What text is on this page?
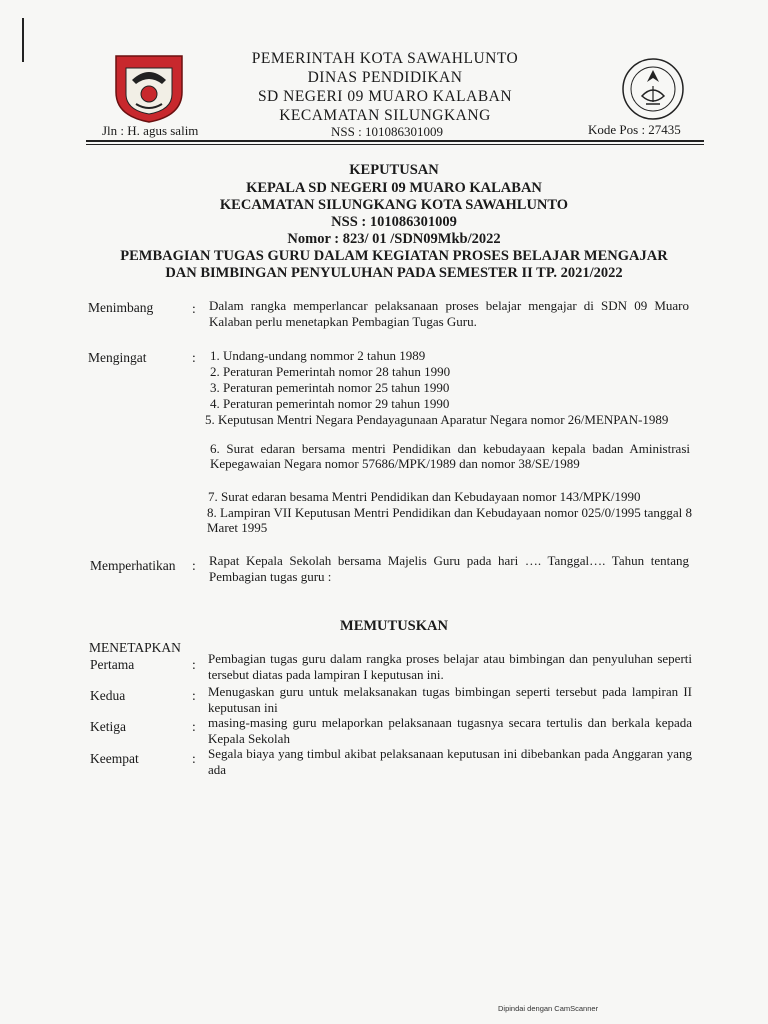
PEMERINTAH KOTA SAWAHLUNTO
DINAS PENDIDIKAN
SD NEGERI 09 MUARO KALABAN
KECAMATAN SILUNGKANG
Jln : H. agus salim	NSS : 101086301009	Kode Pos : 27435
KEPUTUSAN
KEPALA SD NEGERI 09 MUARO KALABAN
KECAMATAN SILUNGKANG KOTA SAWAHLUNTO
NSS : 101086301009
Nomor : 823/ 01 /SDN09Mkb/2022
PEMBAGIAN TUGAS GURU DALAM KEGIATAN PROSES BELAJAR MENGAJAR
DAN BIMBINGAN PENYULUHAN PADA SEMESTER II TP. 2021/2022
Menimbang	: Dalam rangka memperlancar pelaksanaan proses belajar mengajar di SDN 09 Muaro Kalaban perlu menetapkan Pembagian Tugas Guru.
Mengingat	: 1. Undang-undang nommor 2 tahun 1989
2. Peraturan Pemerintah nomor 28 tahun 1990
3. Peraturan pemerintah nomor 25 tahun 1990
4. Peraturan pemerintah nomor 29 tahun 1990
5. Keputusan Mentri Negara Pendayagunaan Aparatur Negara nomor 26/MENPAN-1989
6. Surat edaran bersama mentri Pendidikan dan kebudayaan kepala badan Aministrasi Kepegawaian Negara nomor 57686/MPK/1989 dan nomor 38/SE/1989
7. Surat edaran besama Mentri Pendidikan dan Kebudayaan nomor 143/MPK/1990
8. Lampiran VII Keputusan Mentri Pendidikan dan Kebudayaan nomor 025/0/1995 tanggal 8 Maret 1995
Memperhatikan : Rapat Kepala Sekolah bersama Majelis Guru pada hari …. Tanggal…. Tahun tentang Pembagian tugas guru :
MEMUTUSKAN
MENETAPKAN
Pertama	: Pembagian tugas guru dalam rangka proses belajar atau bimbingan dan penyuluhan seperti tersebut diatas pada lampiran I keputusan ini.
Kedua	: Menugaskan guru untuk melaksanakan tugas bimbingan seperti tersebut pada lampiran II keputusan ini
Ketiga	: masing-masing guru melaporkan pelaksanaan tugasnya secara tertulis dan berkala kepada Kepala Sekolah
Keempat	: Segala biaya yang timbul akibat pelaksanaan keputusan ini dibebankan pada Anggaran yang ada
Dipindai dengan CamScanner
